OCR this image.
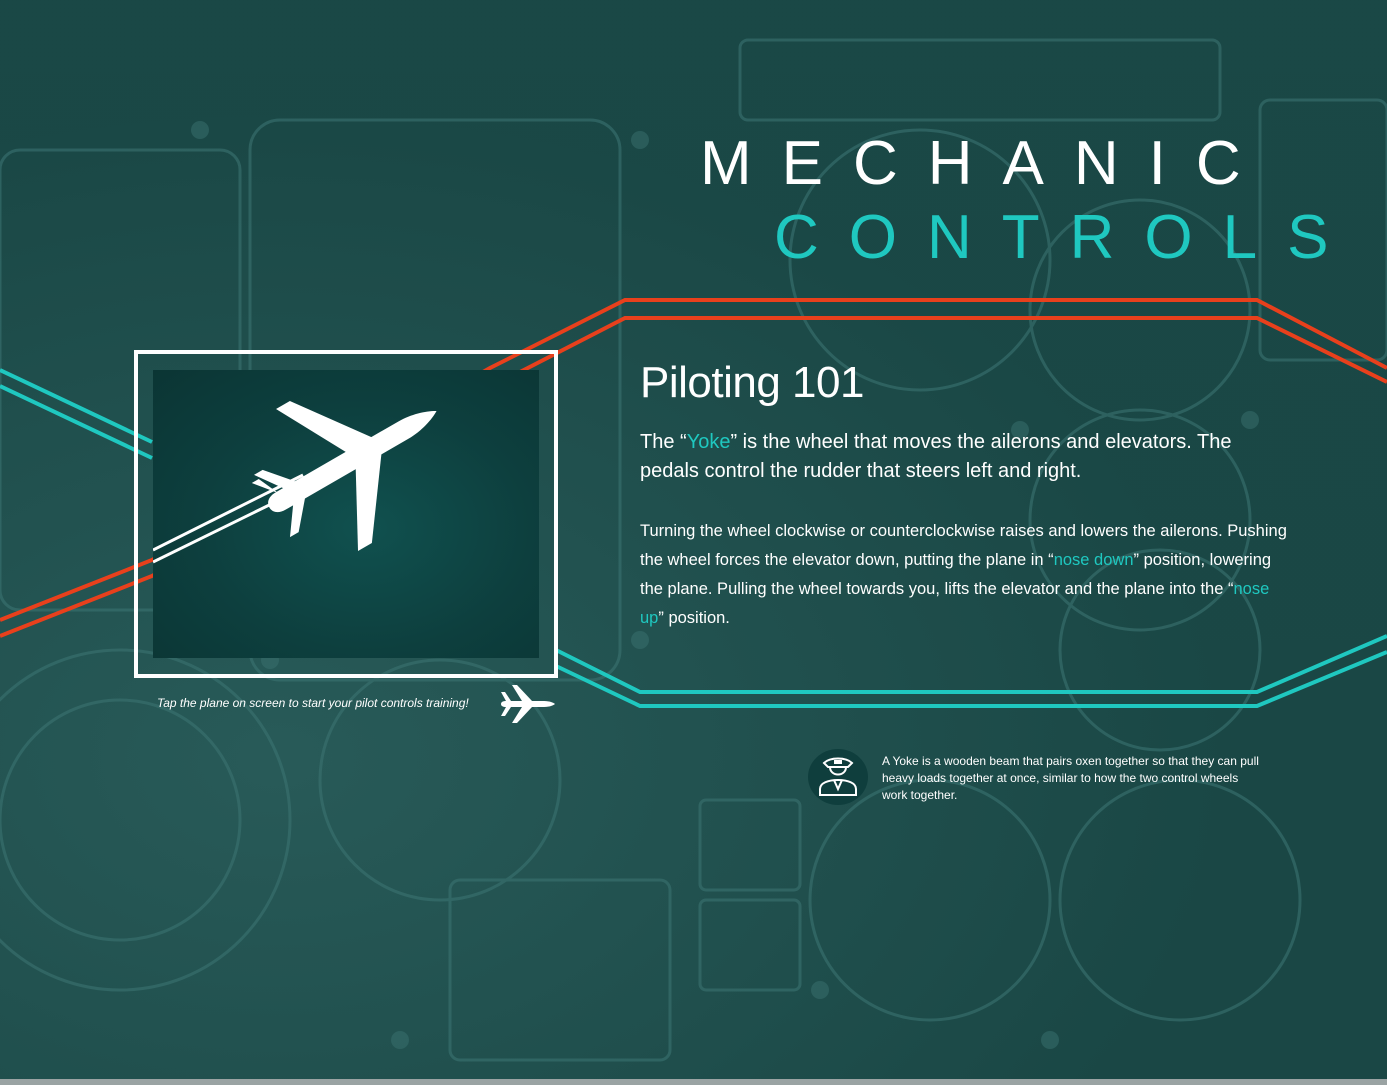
MECHANIC
CONTROLS
Tap the plane on screen to start your pilot controls training!
Piloting 101

The “Yoke” is the wheel that moves the ailerons and elevators. The pedals control the rudder that steers left and right.

Turning the wheel clockwise or counterclockwise raises and lowers the ailerons. Pushing the wheel forces the elevator down, putting the plane in “nose down” position, lowering the plane. Pulling the wheel towards you, lifts the elevator and the plane into the “nose up” position.

A Yoke is a wooden beam that pairs oxen together so that they can pull heavy loads together at once, similar to how the two control wheels work together.
